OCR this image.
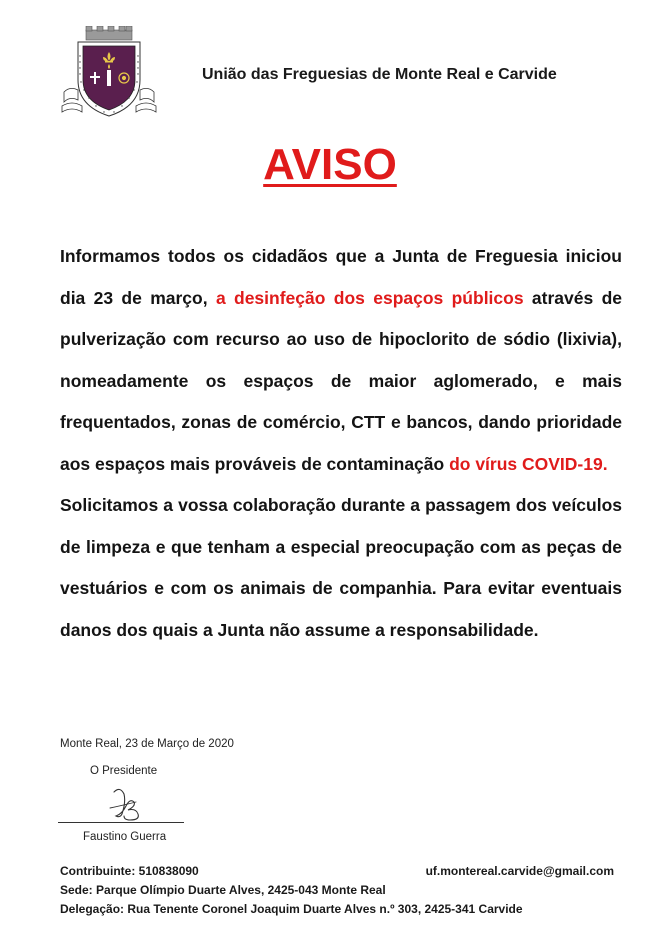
União das Freguesias de Monte Real e Carvide
AVISO

Informamos todos os cidadãos que a Junta de Freguesia iniciou dia 23 de março, a desinfeção dos espaços públicos através de pulverização com recurso ao uso de hipoclorito de sódio (lixivia), nomeadamente os espaços de maior aglomerado, e mais frequentados, zonas de comércio, CTT e bancos, dando prioridade aos espaços mais prováveis de contaminação do vírus COVID-19.

Solicitamos a vossa colaboração durante a passagem dos veículos de limpeza e que tenham a especial preocupação com as peças de vestuários e com os animais de companhia. Para evitar eventuais danos dos quais a Junta não assume a responsabilidade.

Monte Real, 23 de Março de 2020
O Presidente
Faustino Guerra
Contribuinte: 510838090	uf.montereal.carvide@gmail.com
Sede: Parque Olímpio Duarte Alves, 2425-043 Monte Real
Delegação: Rua Tenente Coronel Joaquim Duarte Alves n.º 303, 2425-341 Carvide
